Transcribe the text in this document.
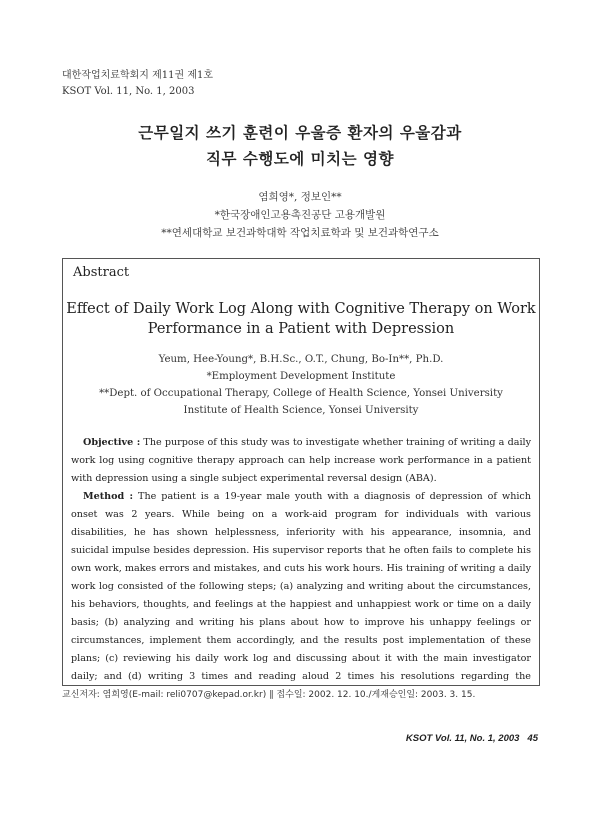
대한작업치료학회지 제11권 제1호
KSOT Vol. 11, No. 1, 2003
근무일지 쓰기 훈련이 우울증 환자의 우울감과
직무 수행도에 미치는 영향
염희영*, 정보인**
*한국장애인고용촉진공단 고용개발원
**연세대학교 보건과학대학 작업치료학과 및 보건과학연구소
Abstract
Effect of Daily Work Log Along with Cognitive Therapy on Work
Performance in a Patient with Depression
Yeum, Hee-Young*, B.H.Sc., O.T., Chung, Bo-In**, Ph.D.
*Employment Development Institute
**Dept. of Occupational Therapy, College of Health Science, Yonsei University
Institute of Health Science, Yonsei University

Objective : The purpose of this study was to investigate whether training of writing a daily work log using cognitive therapy approach can help increase work performance in a patient with depression using a single subject experimental reversal design (ABA).

Method : The patient is a 19-year male youth with a diagnosis of depression of which onset was 2 years. While being on a work-aid program for individuals with various disabilities, he has shown helplessness, inferiority with his appearance, insomnia, and suicidal impulse besides depression. His supervisor reports that he often fails to complete his own work, makes errors and mistakes, and cuts his work hours. His training of writing a daily work log consisted of the following steps; (a) analyzing and writing about the circumstances, his behaviors, thoughts, and feelings at the happiest and unhappiest work or time on a daily basis; (b) analyzing and writing his plans about how to improve his unhappy feelings or circumstances, implement them accordingly, and the results post implementation of these plans; (c) reviewing his daily work log and discussing about it with the main investigator daily; and (d) writing 3 times and reading aloud 2 times his resolutions regarding the

교신저자: 염희영(E-mail: reli0707@kepad.or.kr) ∥ 접수일: 2002. 12. 10./게재승인일: 2003. 3. 15.
KSOT Vol. 11, No. 1, 2003 45
